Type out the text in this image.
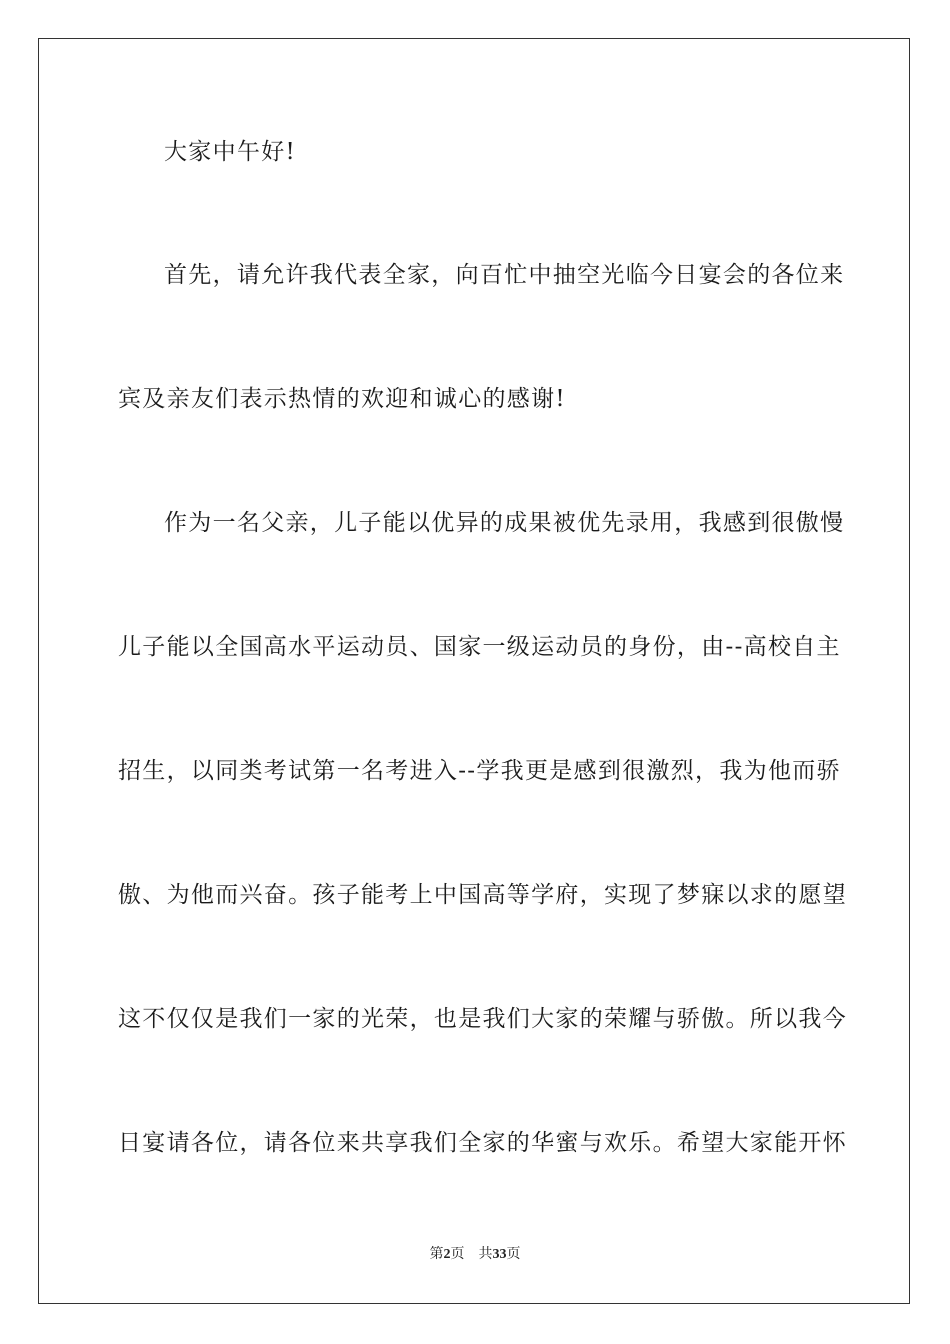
大家中午好!
首先，请允许我代表全家，向百忙中抽空光临今日宴会的各位来
宾及亲友们表示热情的欢迎和诚心的感谢!
作为一名父亲，儿子能以优异的成果被优先录用，我感到很傲慢
儿子能以全国高水平运动员、国家一级运动员的身份，由--高校自主
招生，以同类考试第一名考进入--学我更是感到很激烈，我为他而骄
傲、为他而兴奋。孩子能考上中国高等学府，实现了梦寐以求的愿望
这不仅仅是我们一家的光荣，也是我们大家的荣耀与骄傲。所以我今
日宴请各位，请各位来共享我们全家的华蜜与欢乐。希望大家能开怀
第2页 共33页
